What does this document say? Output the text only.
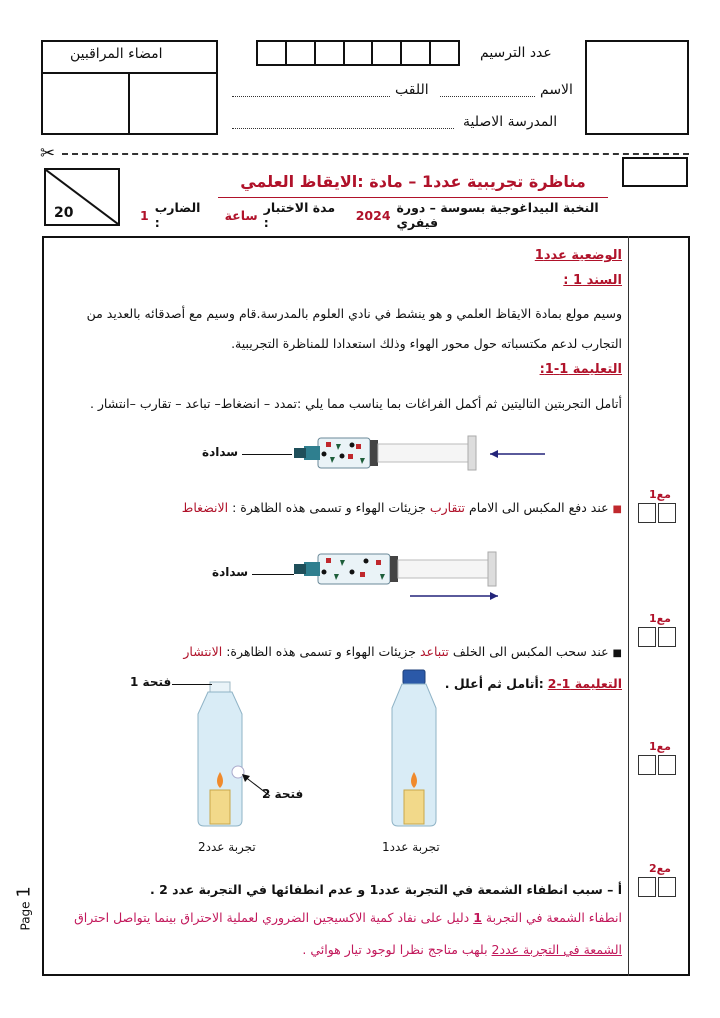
امضاء المراقبين	عدد الترسيم
الاسم
اللقب
المدرسة الاصلية
✂
20
مناظرة تجريبية عدد1 – مادة :الايقاظ العلمي
النخبة البيداغوجية بسوسة – دورة فيفري
2024
مدة الاختبار :
ساعة
الضارب :
1
الوضعية عدد1
السند 1 :
وسيم مولع بمادة الايقاظ العلمي و هو ينشط في نادي العلوم بالمدرسة.قام وسيم مع أصدقائه بالعديد من
التجارب لدعم مكتسباته حول محور الهواء وذلك استعدادا للمناظرة التجريبية.
التعليمة 1-1:
أتامل التجربتين التاليتين ثم أكمل الفراغات بما يناسب مما يلي :تمدد – انضغاط– تباعد – تقارب –انتشار .
سدادة
■ عند دفع المكبس الى الامام تتقارب جزيئات الهواء و تسمى هذه الظاهرة : الانضغاط
سدادة
■ عند سحب المكبس الى الخلف تتباعد جزيئات الهواء و تسمى هذه الظاهرة: الانتشار
التعليمة 1-2 :أتامل ثم أعلل .
فتحة 1
فتحة 2
تجربة عدد2	تجربة عدد1
أ – سبب انطفاء الشمعة في التجربة عدد1 و عدم انطفائها في التجربة عدد 2 .
انطفاء الشمعة في التجربة 1 دليل على نفاد كمية الاكسيجين الضروري لعملية الاحتراق بينما يتواصل احتراق
الشمعة في التجربة عدد2 بلهب متاجج نظرا لوجود تيار هوائي .
مع1
مع1
مع1
مع2
Page 1
